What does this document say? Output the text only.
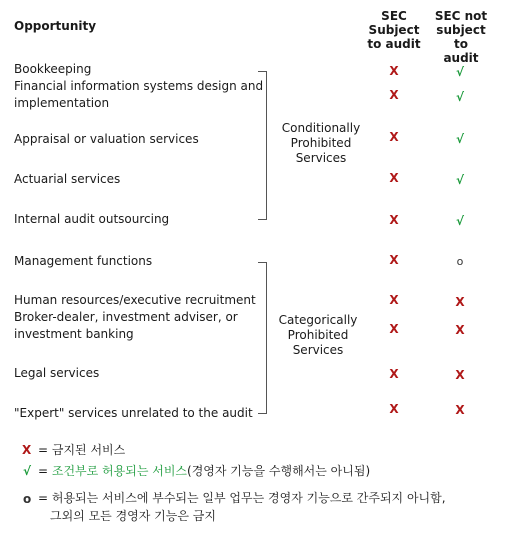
Opportunity
SEC
Subject
to audit
SEC not
subject to
audit
Bookkeeping
Financial information systems design and implementation
Appraisal or valuation services
Actuarial services
Internal audit outsourcing
Management functions
Human resources/executive recruitment
Broker-dealer, investment adviser, or investment banking
Legal services
"Expert" services unrelated to the audit
Conditionally
Prohibited
Services
Categorically
Prohibited
Services
X
X
X
X
X
X
X
X
X
X
√
√
√
√
√
o
X
X
X
X
X = 금지된 서비스
√ = 조건부로 허용되는 서비스(경영자 기능을 수행해서는 아니됨)
o = 허용되는 서비스에 부수되는 일부 업무는 경영자 기능으로 간주되지 아니함,
그외의 모든 경영자 기능은 금지
